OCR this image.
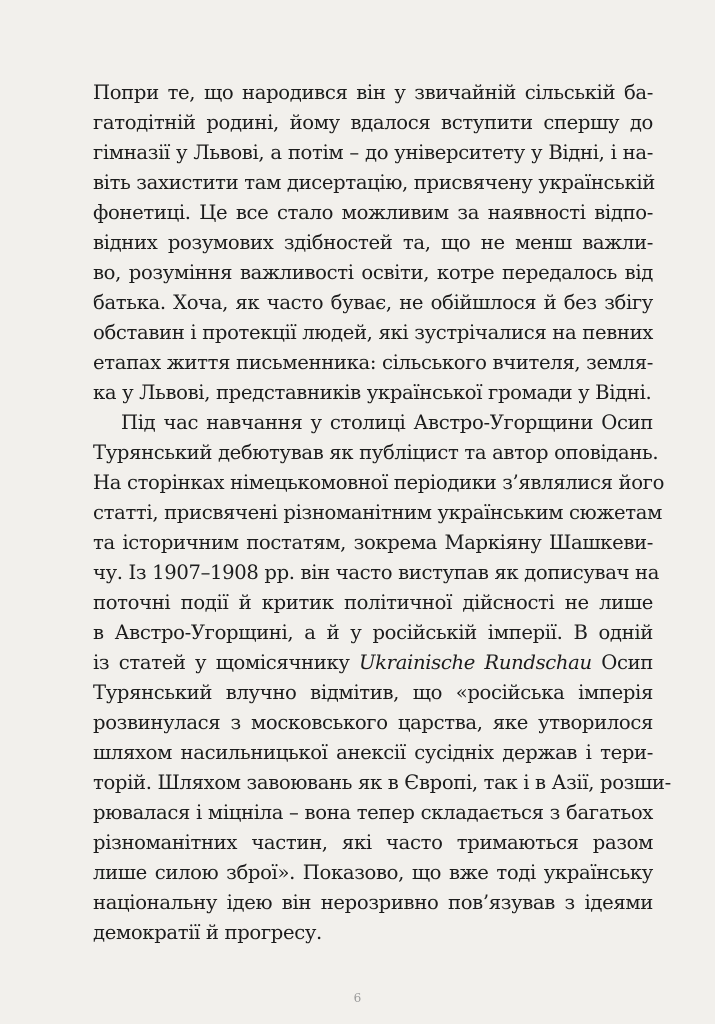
Попри те, що народився він у звичайній сільській ба-
гатодітній родині, йому вдалося вступити спершу до
гімназії у Львові, а потім – до університету у Відні, і на-
віть захистити там дисертацію, присвячену українській
фонетиці. Це все стало можливим за наявності відпо-
відних розумових здібностей та, що не менш важли-
во, розуміння важливості освіти, котре передалось від
батька. Хоча, як часто буває, не обійшлося й без збігу
обставин і протекції людей, які зустрічалися на певних
етапах життя письменника: сільського вчителя, земля-
ка у Львові, представників української громади у Відні.
Під час навчання у столиці Австро-Угорщини Осип
Турянський дебютував як публіцист та автор оповідань.
На сторінках німецькомовної періодики з’являлися його
статті, присвячені різноманітним українським сюжетам
та історичним постатям, зокрема Маркіяну Шашкеви-
чу. Із 1907–1908 рр. він часто виступав як дописувач на
поточні події й критик політичної дійсності не лише
в Австро-Угорщині, а й у російській імперії. В одній
із статей у щомісячнику Ukrainische Rundschau Осип
Турянський влучно відмітив, що «російська імперія
розвинулася з московського царства, яке утворилося
шляхом насильницької анексії сусідніх держав і тери-
торій. Шляхом завоювань як в Європі, так і в Азії, розши-
рювалася і міцніла – вона тепер складається з багатьох
різноманітних частин, які часто тримаються разом
лише силою зброї». Показово, що вже тоді українську
національну ідею він нерозривно пов’язував з ідеями
демократії й прогресу.
6
